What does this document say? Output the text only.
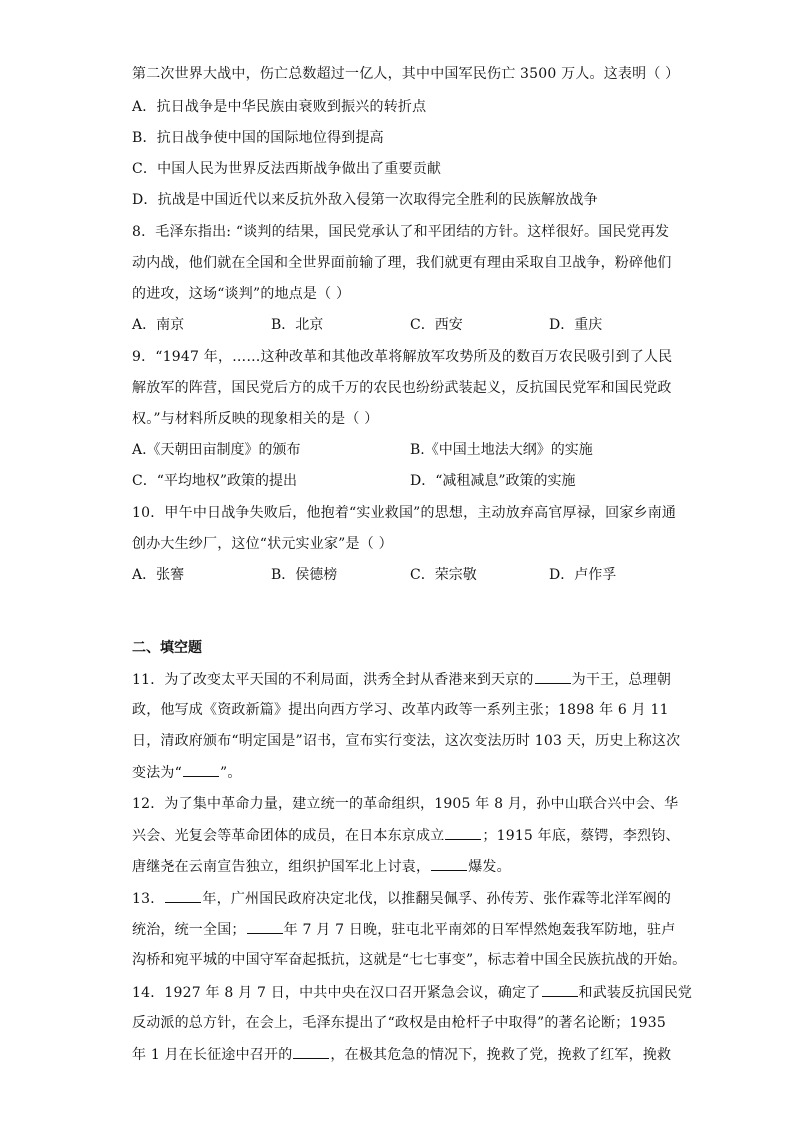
第二次世界大战中，伤亡总数超过一亿人，其中中国军民伤亡 3500 万人。这表明（ ）
A．抗日战争是中华民族由衰败到振兴的转折点
B．抗日战争使中国的国际地位得到提高
C．中国人民为世界反法西斯战争做出了重要贡献
D．抗战是中国近代以来反抗外敌入侵第一次取得完全胜利的民族解放战争
8．毛泽东指出: “谈判的结果，国民党承认了和平团结的方针。这样很好。国民党再发
动内战，他们就在全国和全世界面前输了理，我们就更有理由采取自卫战争，粉碎他们
的进攻，这场“谈判”的地点是（ ）
A．南京	B．北京	C．西安	D．重庆
9．“1947 年，……这种改革和其他改革将解放军攻势所及的数百万农民吸引到了人民
解放军的阵营，国民党后方的成千万的农民也纷纷武装起义，反抗国民党军和国民党政
权。”与材料所反映的现象相关的是（ ）
A.《天朝田亩制度》的颁布	B.《中国土地法大纲》的实施
C．“平均地权”政策的提出	D．“减租减息”政策的实施
10．甲午中日战争失败后，他抱着“实业救国”的思想，主动放弃高官厚禄，回家乡南通
创办大生纱厂，这位“状元实业家”是（ ）
A．张謇	B．侯德榜	C．荣宗敬	D．卢作孚
二、填空题
11．为了改变太平天国的不利局面，洪秀全封从香港来到天京的	为干王，总理朝
政，他写成《资政新篇》提出向西方学习、改革内政等一系列主张；1898 年 6 月 11
日，清政府颁布“明定国是”诏书，宣布实行变法，这次变法历时 103 天，历史上称这次
变法为“	”。
12．为了集中革命力量，建立统一的革命组织，1905 年 8 月，孙中山联合兴中会、华
兴会、光复会等革命团体的成员，在日本东京成立	；1915 年底，蔡锷，李烈钧、
唐继尧在云南宣告独立，组织护国军北上讨袁，	爆发。
13．	年，广州国民政府决定北伐，以推翻吴佩孚、孙传芳、张作霖等北洋军阀的
统治，统一全国；	年 7 月 7 日晚，驻屯北平南郊的日军悍然炮轰我军防地，驻卢
沟桥和宛平城的中国守军奋起抵抗，这就是“七七事变”，标志着中国全民族抗战的开始。
14．1927 年 8 月 7 日，中共中央在汉口召开紧急会议，确定了	和武装反抗国民党
反动派的总方针，在会上，毛泽东提出了“政权是由枪杆子中取得”的著名论断；1935
年 1 月在长征途中召开的	，在极其危急的情况下，挽救了党，挽救了红军，挽救
